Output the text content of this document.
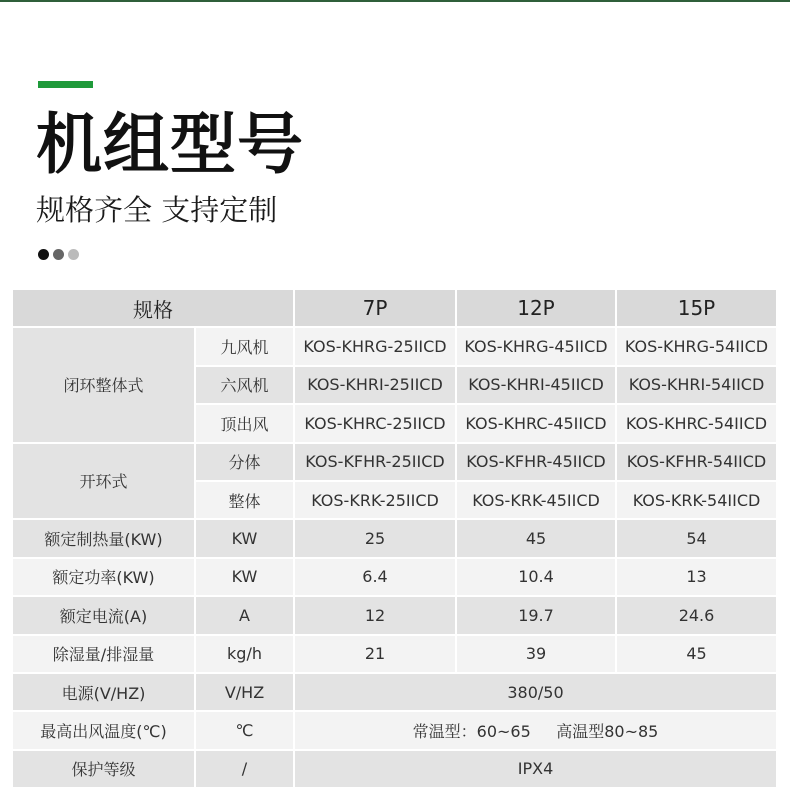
机组型号
规格齐全 支持定制
规格		7P	12P	15P
闭环整体式	九风机	KOS-KHRG-25IICD	KOS-KHRG-45IICD	KOS-KHRG-54IICD
	六风机	KOS-KHRI-25IICD	KOS-KHRI-45IICD	KOS-KHRI-54IICD
	顶出风	KOS-KHRC-25IICD	KOS-KHRC-45IICD	KOS-KHRC-54IICD
开环式	分体	KOS-KFHR-25IICD	KOS-KFHR-45IICD	KOS-KFHR-54IICD
	整体	KOS-KRK-25IICD	KOS-KRK-45IICD	KOS-KRK-54IICD
额定制热量(KW)	KW	25	45	54
额定功率(KW)	KW	6.4	10.4	13
额定电流(A)	A	12	19.7	24.6
除湿量/排湿量	kg/h	21	39	45
电源(V/HZ)	V/HZ	380/50		
最高出风温度(℃)	℃	常温型：60~65     高温型80~85		
保护等级	/	IPX4		
